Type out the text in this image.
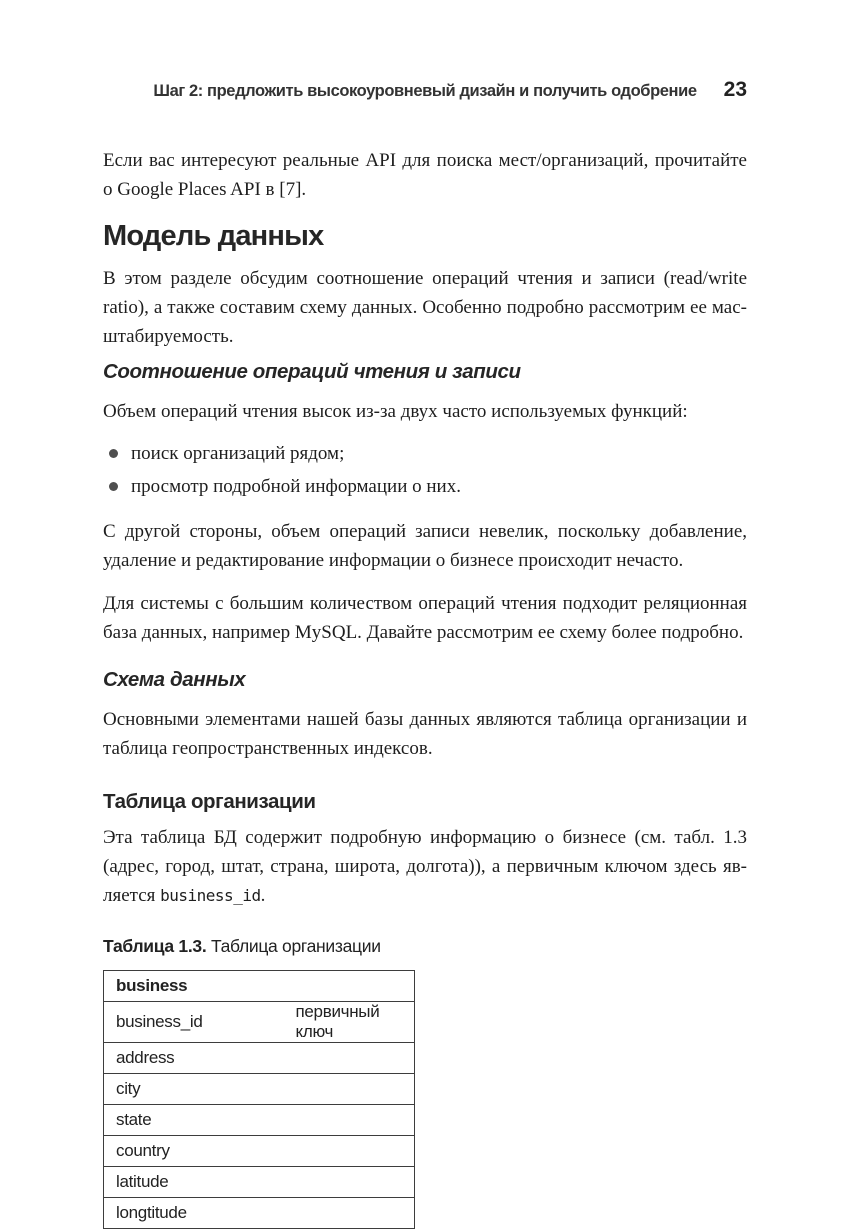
Шаг 2: предложить высокоуровневый дизайн и получить одобрение 23

Если вас интересуют реальные API для поиска мест/организаций, прочитайте о Google Places API в [7].

Модель данных

В этом разделе обсудим соотношение операций чтения и записи (read/write ratio), а также составим схему данных. Особенно подробно рассмотрим ее масштабируемость.

Соотношение операций чтения и записи

Объем операций чтения высок из-за двух часто используемых функций:

поиск организаций рядом;
просмотр подробной информации о них.

С другой стороны, объем операций записи невелик, поскольку добавление, удаление и редактирование информации о бизнесе происходит нечасто.

Для системы с большим количеством операций чтения подходит реляционная база данных, например MySQL. Давайте рассмотрим ее схему более подробно.

Схема данных

Основными элементами нашей базы данных являются таблица организации и таблица геопространственных индексов.

Таблица организации

Эта таблица БД содержит подробную информацию о бизнесе (см. табл. 1.3 (адрес, город, штат, страна, широта, долгота)), а первичным ключом здесь является business_id.

Таблица 1.3. Таблица организации
business	
business_id	первичный ключ
address	
city	
state	
country	
latitude	
longtitude	
